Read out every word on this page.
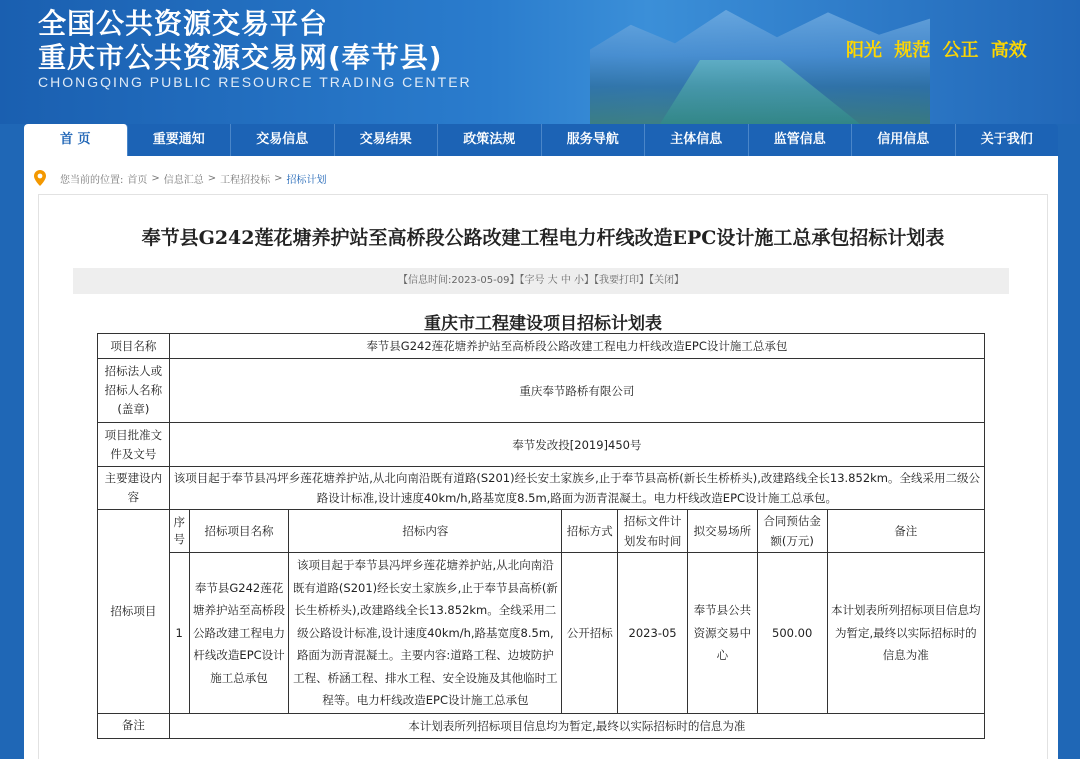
全国公共资源交易平台
重庆市公共资源交易网(奉节县)
CHONGQING PUBLIC RESOURCE TRADING CENTER
阳光 规范 公正 高效
首 页	重要通知	交易信息	交易结果	政策法规	服务导航	主体信息	监管信息	信用信息	关于我们
您当前的位置: 首页 > 信息汇总 > 工程招投标 > 招标计划
奉节县G242莲花塘养护站至高桥段公路改建工程电力杆线改造EPC设计施工总承包招标计划表
【信息时间:2023-05-09】【字号 大 中 小】【我要打印】【关闭】
重庆市工程建设项目招标计划表
项目名称	奉节县G242莲花塘养护站至高桥段公路改建工程电力杆线改造EPC设计施工总承包							
招标法人或招标人名称(盖章)	重庆奉节路桥有限公司							
项目批准文件及文号	奉节发改投[2019]450号							
主要建设内容	该项目起于奉节县冯坪乡莲花塘养护站,从北向南沿既有道路(S201)经长安土家族乡,止于奉节县高桥(新长生桥桥头),改建路线全长13.852km。全线采用二级公路设计标准,设计速度40km/h,路基宽度8.5m,路面为沥青混凝土。电力杆线改造EPC设计施工总承包。							
招标项目	序号	招标项目名称	招标内容	招标方式	招标文件计划发布时间	拟交易场所	合同预估金额(万元)	备注
	1	奉节县G242莲花塘养护站至高桥段公路改建工程电力杆线改造EPC设计施工总承包	该项目起于奉节县冯坪乡莲花塘养护站,从北向南沿既有道路(S201)经长安土家族乡,止于奉节县高桥(新长生桥桥头),改建路线全长13.852km。全线采用二级公路设计标准,设计速度40km/h,路基宽度8.5m,路面为沥青混凝土。主要内容:道路工程、边坡防护工程、桥涵工程、排水工程、安全设施及其他临时工程等。电力杆线改造EPC设计施工总承包	公开招标	2023-05	奉节县公共资源交易中心	500.00	本计划表所列招标项目信息均为暂定,最终以实际招标时的信息为准
备注	本计划表所列招标项目信息均为暂定,最终以实际招标时的信息为准							
